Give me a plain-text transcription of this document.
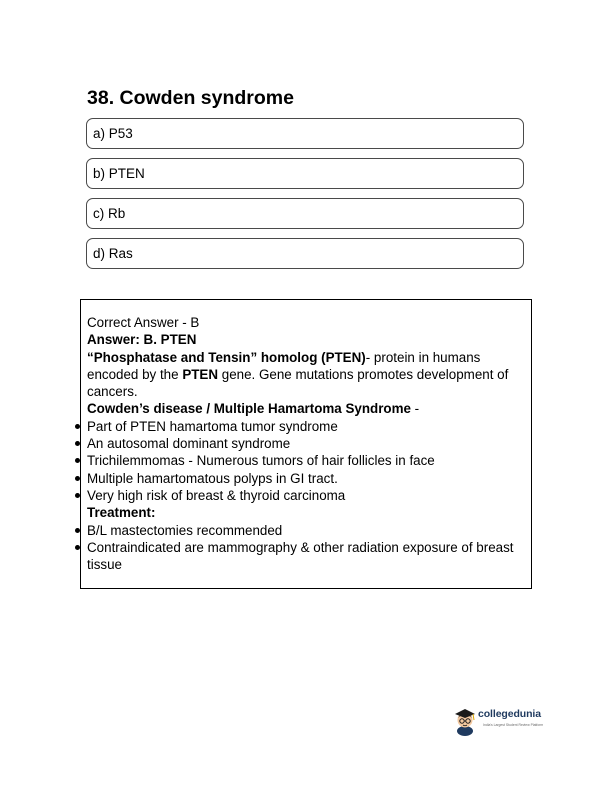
38. Cowden syndrome
a) P53
b) PTEN
c) Rb
d) Ras

Correct Answer - B

Answer: B. PTEN

“Phosphatase and Tensin” homolog (PTEN)- protein in humans encoded by the PTEN gene. Gene mutations promotes development of cancers.

Cowden’s disease / Multiple Hamartoma Syndrome -

Part of PTEN hamartoma tumor syndrome
An autosomal dominant syndrome
Trichilemmomas - Numerous tumors of hair follicles in face
Multiple hamartomatous polyps in GI tract.
Very high risk of breast & thyroid carcinoma

Treatment:

B/L mastectomies recommended
Contraindicated are mammography & other radiation exposure of breast tissue
collegedunia
India's Largest Student Review Platform
